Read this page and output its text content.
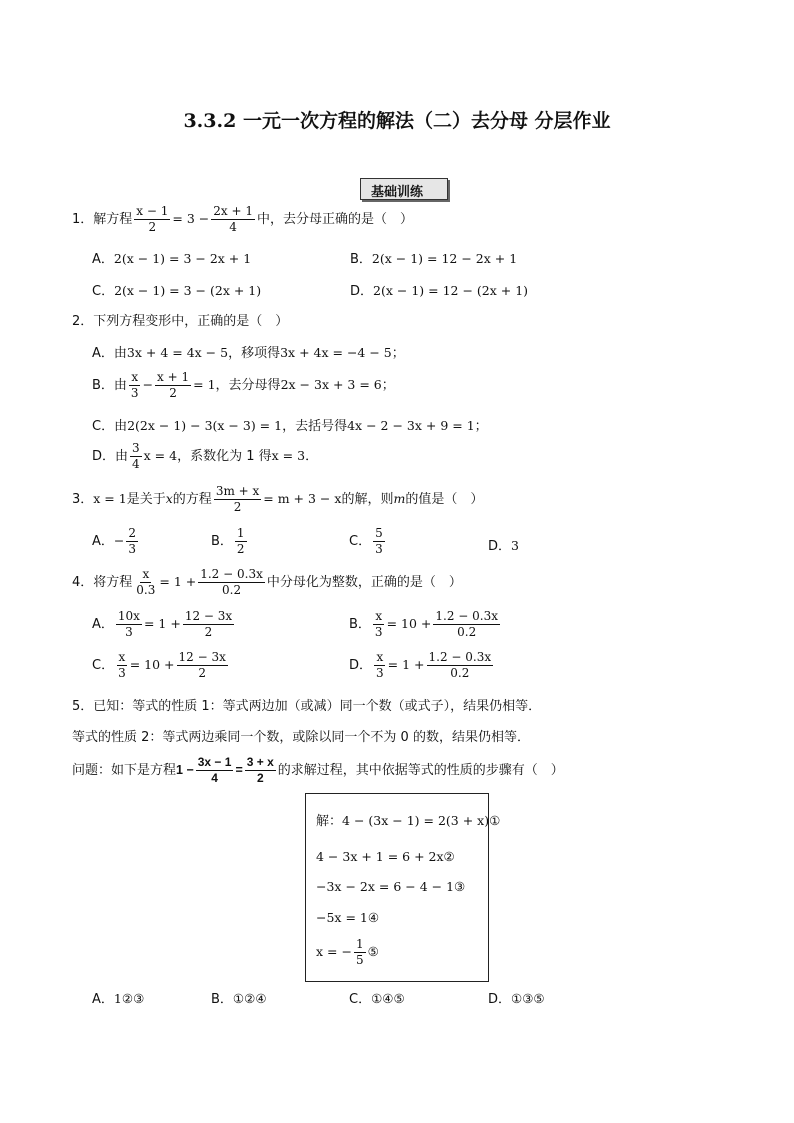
3.3.2 一元一次方程的解法（二）去分母 分层作业
基础训练
1．解方程 $\frac{x - 1}{2} = 3 - \frac{2x + 1}{4}$ 中，去分母正确的是（　）
A．2(x − 1) = 3 − 2x + 1	B．2(x − 1) = 12 − 2x + 1
C．2(x − 1) = 3 − (2x + 1)	D．2(x − 1) = 12 − (2x + 1)
2．下列方程变形中，正确的是（　）
A．由3x + 4 = 4x − 5，移项得3x + 4x = −4 − 5；
B．由 $\frac{x}{3} - \frac{x + 1}{2} = 1$，去分母得2x − 3x + 3 = 6；
C．由2(2x − 1) − 3(x − 3) = 1，去括号得4x − 2 − 3x + 9 = 1；
D．由 $\frac{3}{4}$ x = 4，系数化为 1 得x = 3．
3．x = 1是关于x的方程 $\frac{3m + x}{2} = m + 3 - x$的解，则m的值是（　）
A．− $\frac{2}{3}$	B． $\frac{1}{2}$	C． $\frac{5}{3}$	D．3
4．将方程 $\frac{x}{0.3} = 1 + \frac{1.2 - 0.3x}{0.2}$ 中分母化为整数，正确的是（　）
A． $\frac{10x}{3} = 1 + \frac{12 - 3x}{2}$	B． $\frac{x}{3} = 10 + \frac{1.2 - 0.3x}{0.2}$
C． $\frac{x}{3} = 10 + \frac{12 - 3x}{2}$	D． $\frac{x}{3} = 1 + \frac{1.2 - 0.3x}{0.2}$
5．已知：等式的性质 1：等式两边加（或减）同一个数（或式子），结果仍相等．
等式的性质 2：等式两边乘同一个数，或除以同一个不为 0 的数，结果仍相等．
问题：如下是方程$1 - \frac{3x - 1}{4} = \frac{3 + x}{2}$ 的求解过程，其中依据等式的性质的步骤有（　）
解：4 − (3x − 1) = 2(3 + x)①
4 − 3x + 1 = 6 + 2x②
−3x − 2x = 6 − 4 − 1③
−5x = 1④
x = − $\frac{1}{5}$ ⑤
A．1②③	B．①②④	C．①④⑤	D．①③⑤
